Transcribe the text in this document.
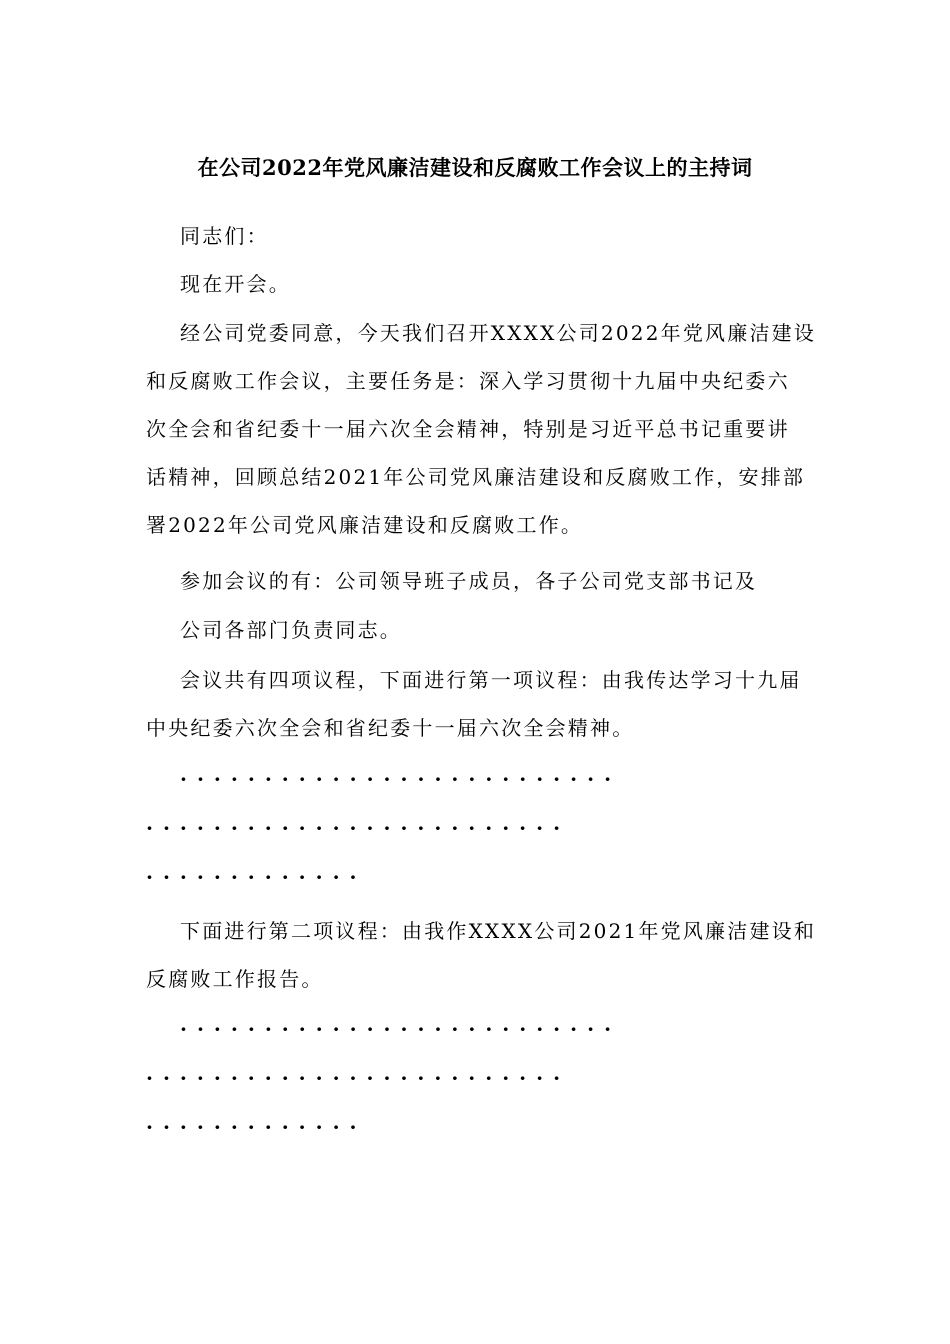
在公司2022年党风廉洁建设和反腐败工作会议上的主持词
同志们：
现在开会。
经公司党委同意，今天我们召开XXXX公司2022年党风廉洁建设
和反腐败工作会议，主要任务是：深入学习贯彻十九届中央纪委六
次全会和省纪委十一届六次全会精神，特别是习近平总书记重要讲
话精神，回顾总结2021年公司党风廉洁建设和反腐败工作，安排部
署2022年公司党风廉洁建设和反腐败工作。
参加会议的有：公司领导班子成员，各子公司党支部书记及
公司各部门负责同志。
会议共有四项议程，下面进行第一项议程：由我传达学习十九届
中央纪委六次全会和省纪委十一届六次全会精神。
··························
·························
·············
下面进行第二项议程：由我作XXXX公司2021年党风廉洁建设和
反腐败工作报告。
··························
·························
·············
